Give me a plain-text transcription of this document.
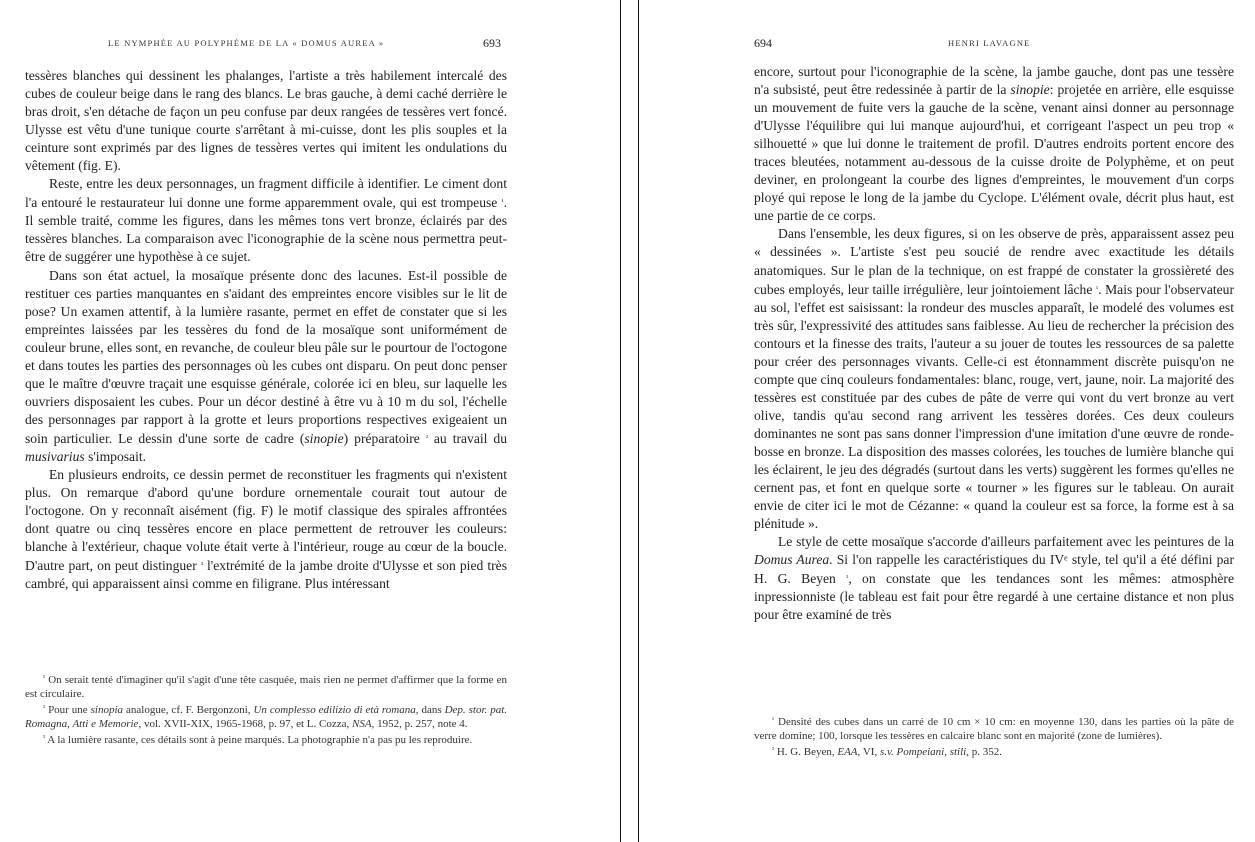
LE NYMPHÉE AU POLYPHÈME DE LA « DOMUS AUREA »	693

tessères blanches qui dessinent les phalanges, l'artiste a très habilement intercalé des cubes de couleur beige dans le rang des blancs. Le bras gauche, à demi caché derrière le bras droit, s'en détache de façon un peu confuse par deux rangées de tessères vert foncé. Ulysse est vêtu d'une tunique courte s'arrêtant à mi-cuisse, dont les plis souples et la ceinture sont exprimés par des lignes de tessères vertes qui imitent les ondulations du vêtement (fig. E).

Reste, entre les deux personnages, un fragment difficile à identifier. Le ciment dont l'a entouré le restaurateur lui donne une forme apparemment ovale, qui est trompeuse $^{^1}$. Il semble traité, comme les figures, dans les mêmes tons vert bronze, éclairés par des tessères blanches. La comparaison avec l'iconographie de la scène nous permettra peut-être de suggérer une hypothèse à ce sujet.

Dans son état actuel, la mosaïque présente donc des lacunes. Est-il possible de restituer ces parties manquantes en s'aidant des empreintes encore visibles sur le lit de pose? Un examen attentif, à la lumière rasante, permet en effet de constater que si les empreintes laissées par les tessères du fond de la mosaïque sont uniformément de couleur brune, elles sont, en revanche, de couleur bleu pâle sur le pourtour de l'octogone et dans toutes les parties des personnages où les cubes ont disparu. On peut donc penser que le maître d'œuvre traçait une esquisse générale, colorée ici en bleu, sur laquelle les ouvriers disposaient les cubes. Pour un décor destiné à être vu à 10 m du sol, l'échelle des personnages par rapport à la grotte et leurs proportions respectives exigeaient un soin particulier. Le dessin d'une sorte de cadre (sinopie) préparatoire $^{^2}$ au travail du musivarius s'imposait.

En plusieurs endroits, ce dessin permet de reconstituer les fragments qui n'existent plus. On remarque d'abord qu'une bordure ornementale courait tout autour de l'octogone. On y reconnaît aisément (fig. F) le motif classique des spirales affrontées dont quatre ou cinq tessères encore en place permettent de retrouver les couleurs: blanche à l'extérieur, chaque volute était verte à l'intérieur, rouge au cœur de la boucle. D'autre part, on peut distinguer $^{^3}$ l'extrémité de la jambe droite d'Ulysse et son pied très cambré, qui apparaissent ainsi comme en filigrane. Plus intéressant

$^{^1}$ On serait tenté d'imaginer qu'il s'agit d'une tête casquée, mais rien ne permet d'affirmer que la forme en est circulaire.

$^{^2}$ Pour une sinopia analogue, cf. F. Bergonzoni, Un complesso edilizio di età romana, dans Dep. stor. pat. Romagna, Atti e Memorie, vol. XVII-XIX, 1965-1968, p. 97, et L. Cozza, NSA, 1952, p. 257, note 4.

$^{^3}$ A la lumière rasante, ces détails sont à peine marqués. La photographie n'a pas pu les reproduire.

694	HENRI LAVAGNE

encore, surtout pour l'iconographie de la scène, la jambe gauche, dont pas une tessère n'a subsisté, peut être redessinée à partir de la sinopie: projetée en arrière, elle esquisse un mouvement de fuite vers la gauche de la scène, venant ainsi donner au personnage d'Ulysse l'équilibre qui lui manque aujourd'hui, et corrigeant l'aspect un peu trop « silhouetté » que lui donne le traitement de profil. D'autres endroits portent encore des traces bleutées, notamment au-dessous de la cuisse droite de Polyphème, et on peut deviner, en prolongeant la courbe des lignes d'empreintes, le mouvement d'un corps ployé qui repose le long de la jambe du Cyclope. L'élément ovale, décrit plus haut, est une partie de ce corps.

Dans l'ensemble, les deux figures, si on les observe de près, apparaissent assez peu « dessinées ». L'artiste s'est peu soucié de rendre avec exactitude les détails anatomiques. Sur le plan de la technique, on est frappé de constater la grossièreté des cubes employés, leur taille irrégulière, leur jointoiement lâche $^{^1}$. Mais pour l'observateur au sol, l'effet est saisissant: la rondeur des muscles apparaît, le modelé des volumes est très sûr, l'expressivité des attitudes sans faiblesse. Au lieu de rechercher la précision des contours et la finesse des traits, l'auteur a su jouer de toutes les ressources de sa palette pour créer des personnages vivants. Celle-ci est étonnamment discrète puisqu'on ne compte que cinq couleurs fondamentales: blanc, rouge, vert, jaune, noir. La majorité des tessères est constituée par des cubes de pâte de verre qui vont du vert bronze au vert olive, tandis qu'au second rang arrivent les tessères dorées. Ces deux couleurs dominantes ne sont pas sans donner l'impression d'une imitation d'une œuvre de ronde-bosse en bronze. La disposition des masses colorées, les touches de lumière blanche qui les éclairent, le jeu des dégradés (surtout dans les verts) suggèrent les formes qu'elles ne cernent pas, et font en quelque sorte « tourner » les figures sur le tableau. On aurait envie de citer ici le mot de Cézanne: « quand la couleur est sa force, la forme est à sa plénitude ».

Le style de cette mosaïque s'accorde d'ailleurs parfaitement avec les peintures de la Domus Aurea. Si l'on rappelle les caractéristiques du IVᵉ style, tel qu'il a été défini par H. G. Beyen $^{^2}$, on constate que les tendances sont les mêmes: atmosphère inpressionniste (le tableau est fait pour être regardé à une certaine distance et non plus pour être examiné de très

$^{^1}$ Densité des cubes dans un carré de 10 cm × 10 cm: en moyenne 130, dans les parties où la pâte de verre domine; 100, lorsque les tessères en calcaire blanc sont en majorité (zone de lumières).

$^{^2}$ H. G. Beyen, EAA, VI, s.v. Pompeiani, stili, p. 352.
